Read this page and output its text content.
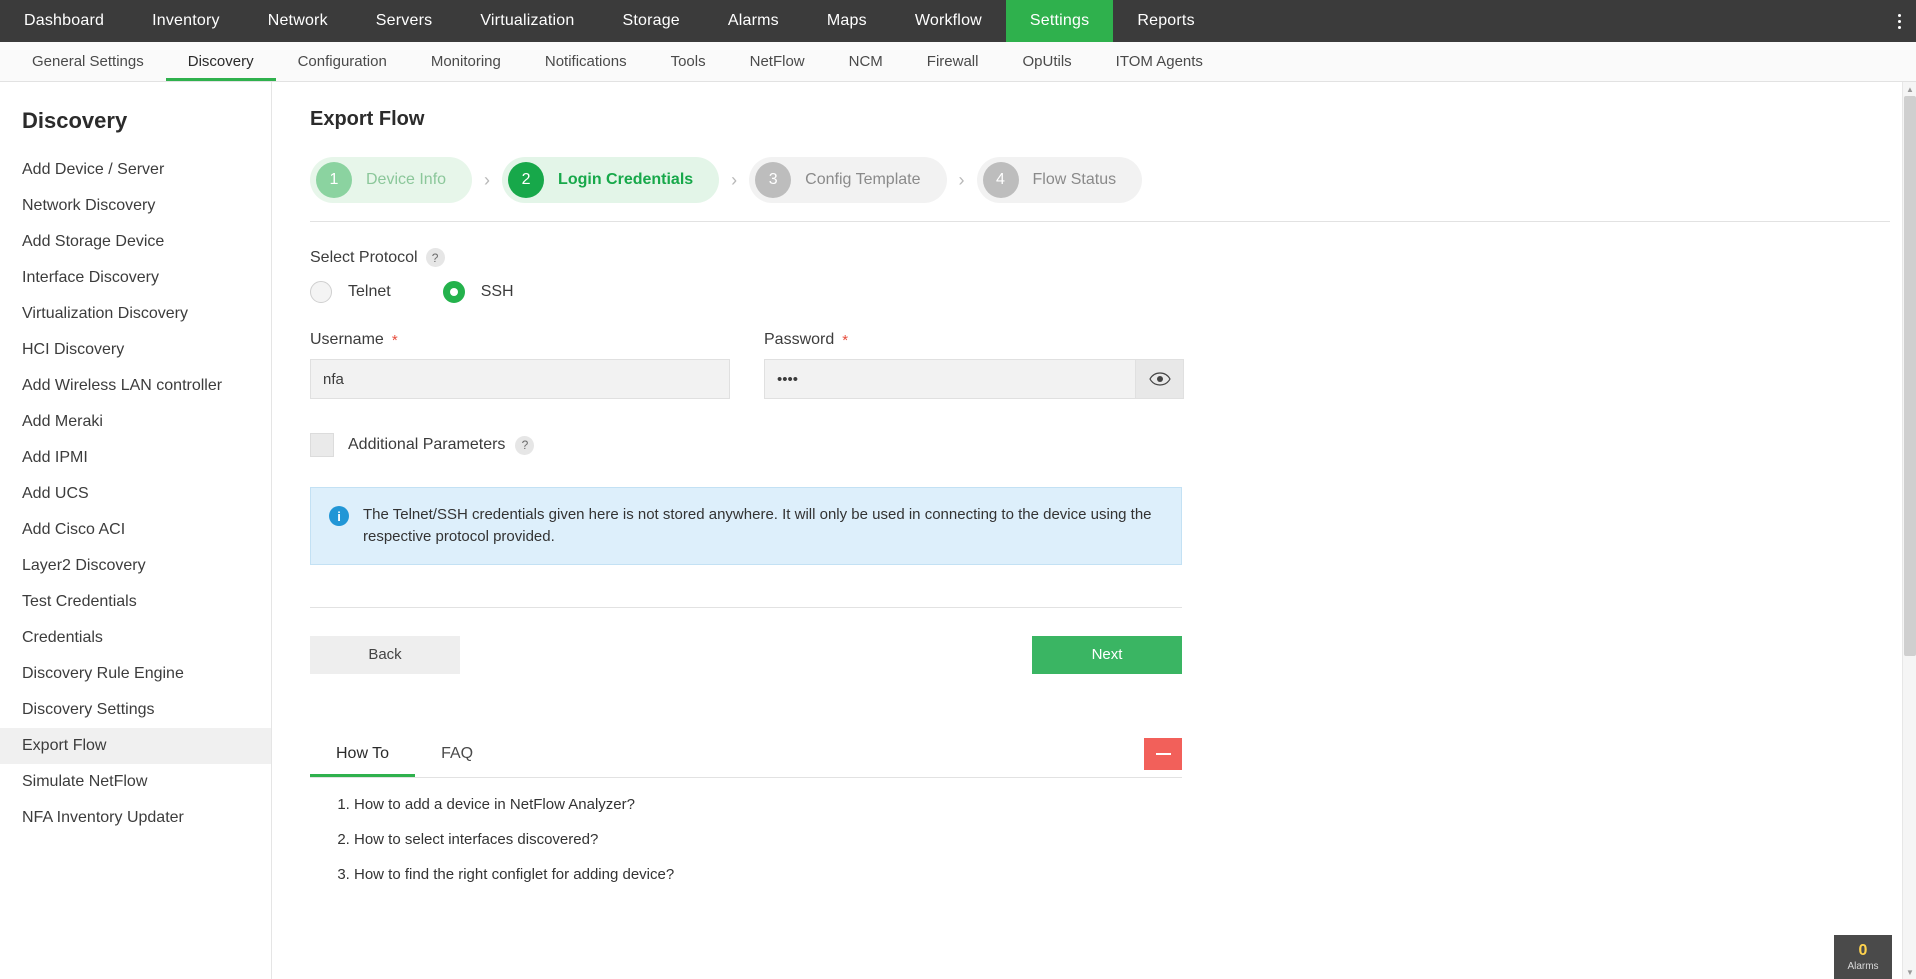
Dashboard	Inventory	Network	Servers	Virtualization	Storage	Alarms	Maps	Workflow	Settings	Reports
General Settings	Discovery	Configuration	Monitoring	Notifications	Tools	NetFlow	NCM	Firewall	OpUtils	ITOM Agents
Discovery
Add Device / Server
Network Discovery
Add Storage Device
Interface Discovery
Virtualization Discovery
HCI Discovery
Add Wireless LAN controller
Add Meraki
Add IPMI
Add UCS
Add Cisco ACI
Layer2 Discovery
Test Credentials
Credentials
Discovery Rule Engine
Discovery Settings
Export Flow
Simulate NetFlow
NFA Inventory Updater
Export Flow
1	Device Info ›	2	Login Credentials ›	3	Config Template ›	4	Flow Status
Select Protocol	?
Telnet	SSH
Username *
nfa	Password *
••••
Additional Parameters	?
i	The Telnet/SSH credentials given here is not stored anywhere. It will only be used in connecting to the device using the respective protocol provided.
Back	Next
How To	FAQ
1. How to add a device in NetFlow Analyzer?
2. How to select interfaces discovered?
3. How to find the right configlet for adding device?
▲
▼
0
Alarms
